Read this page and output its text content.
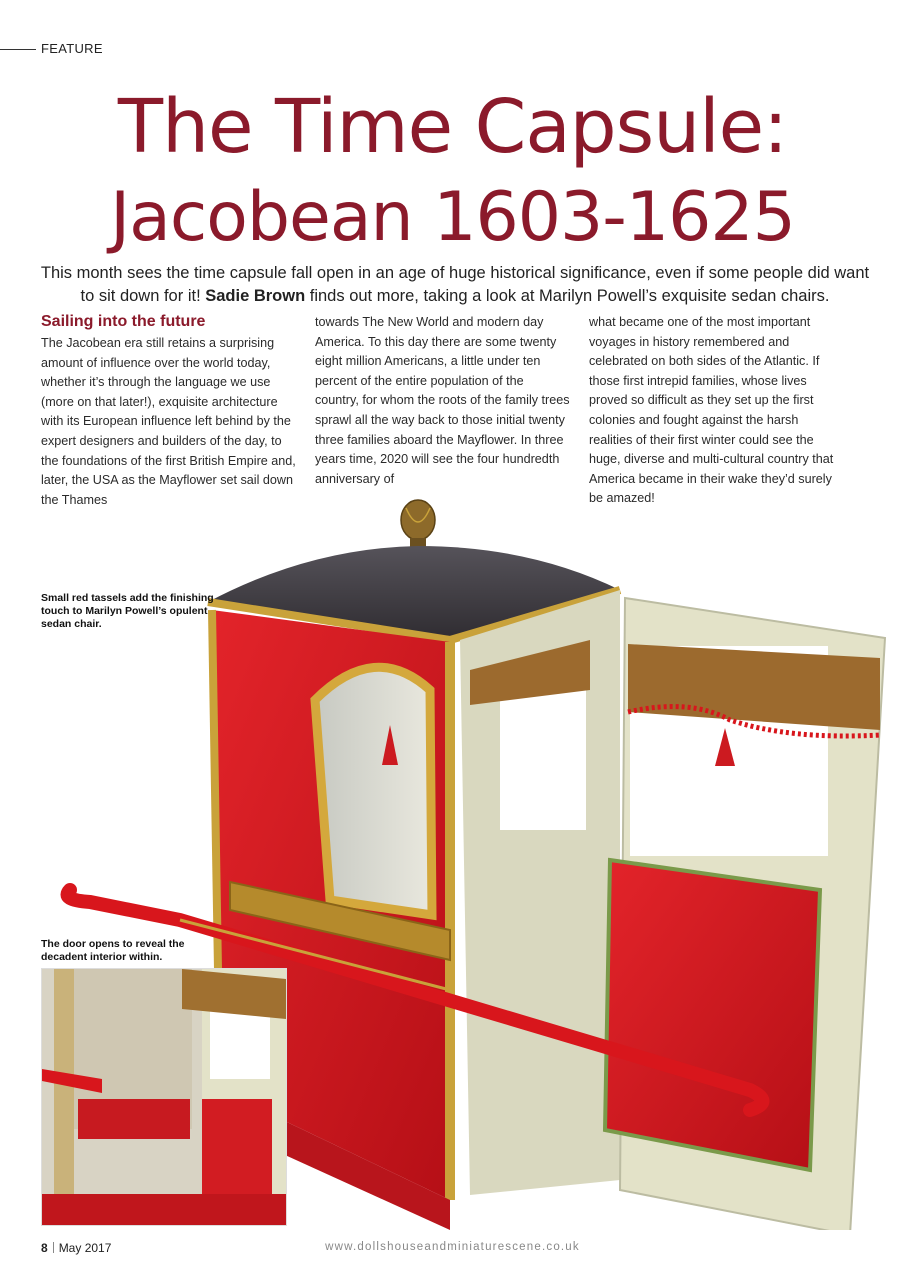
FEATURE
The Time Capsule:
Jacobean 1603-1625

This month sees the time capsule fall open in an age of huge historical significance, even if some people did want to sit down for it! Sadie Brown finds out more, taking a look at Marilyn Powell’s exquisite sedan chairs.

Sailing into the future

The Jacobean era still retains a surprising amount of influence over the world today, whether it’s through the language we use (more on that later!), exquisite architecture with its European influence left behind by the expert designers and builders of the day, to the foundations of the first British Empire and, later, the USA as the Mayflower set sail down the Thames

towards The New World and modern day America. To this day there are some twenty eight million Americans, a little under ten percent of the entire population of the country, for whom the roots of the family trees sprawl all the way back to those initial twenty three families aboard the Mayflower. In three years time, 2020 will see the four hundredth anniversary of

what became one of the most important voyages in history remembered and celebrated on both sides of the Atlantic. If those first intrepid families, whose lives proved so difficult as they set up the first colonies and fought against the harsh realities of their first winter could see the huge, diverse and multi-cultural country that America became in their wake they’d surely be amazed!

Small red tassels add the finishing touch to Marilyn Powell’s opulent sedan chair.
The door opens to reveal the decadent interior within.
8 May 2017	www.dollshouseandminiaturescene.co.uk
